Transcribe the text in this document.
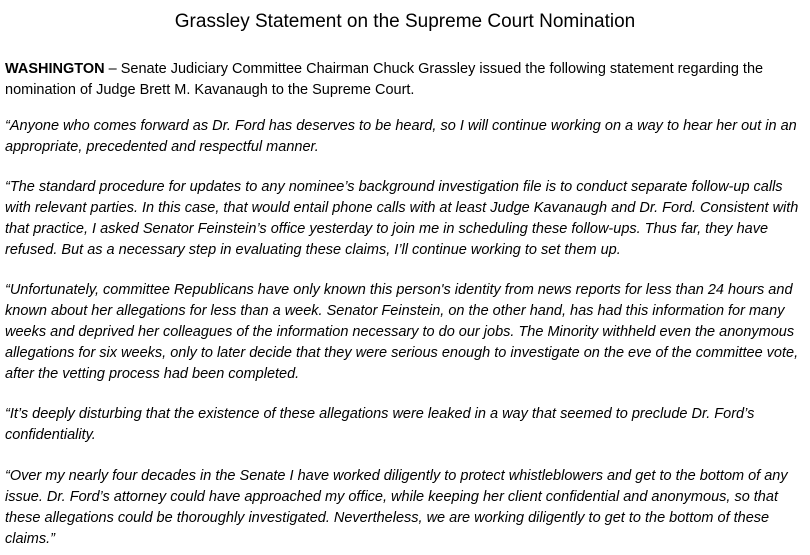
Grassley Statement on the Supreme Court Nomination
WASHINGTON – Senate Judiciary Committee Chairman Chuck Grassley issued the following statement regarding the
nomination of Judge Brett M. Kavanaugh to the Supreme Court.
“Anyone who comes forward as Dr. Ford has deserves to be heard, so I will continue working on a way to hear her out in an
appropriate, precedented and respectful manner.
“The standard procedure for updates to any nominee’s background investigation file is to conduct separate follow-up calls
with relevant parties. In this case, that would entail phone calls with at least Judge Kavanaugh and Dr. Ford. Consistent with
that practice, I asked Senator Feinstein’s office yesterday to join me in scheduling these follow-ups. Thus far, they have
refused. But as a necessary step in evaluating these claims, I’ll continue working to set them up.
“Unfortunately, committee Republicans have only known this person's identity from news reports for less than 24 hours and
known about her allegations for less than a week. Senator Feinstein, on the other hand, has had this information for many
weeks and deprived her colleagues of the information necessary to do our jobs. The Minority withheld even the anonymous
allegations for six weeks, only to later decide that they were serious enough to investigate on the eve of the committee vote,
after the vetting process had been completed.
“It’s deeply disturbing that the existence of these allegations were leaked in a way that seemed to preclude Dr. Ford’s
confidentiality.
“Over my nearly four decades in the Senate I have worked diligently to protect whistleblowers and get to the bottom of any
issue. Dr. Ford’s attorney could have approached my office, while keeping her client confidential and anonymous, so that
these allegations could be thoroughly investigated. Nevertheless, we are working diligently to get to the bottom of these
claims.”
